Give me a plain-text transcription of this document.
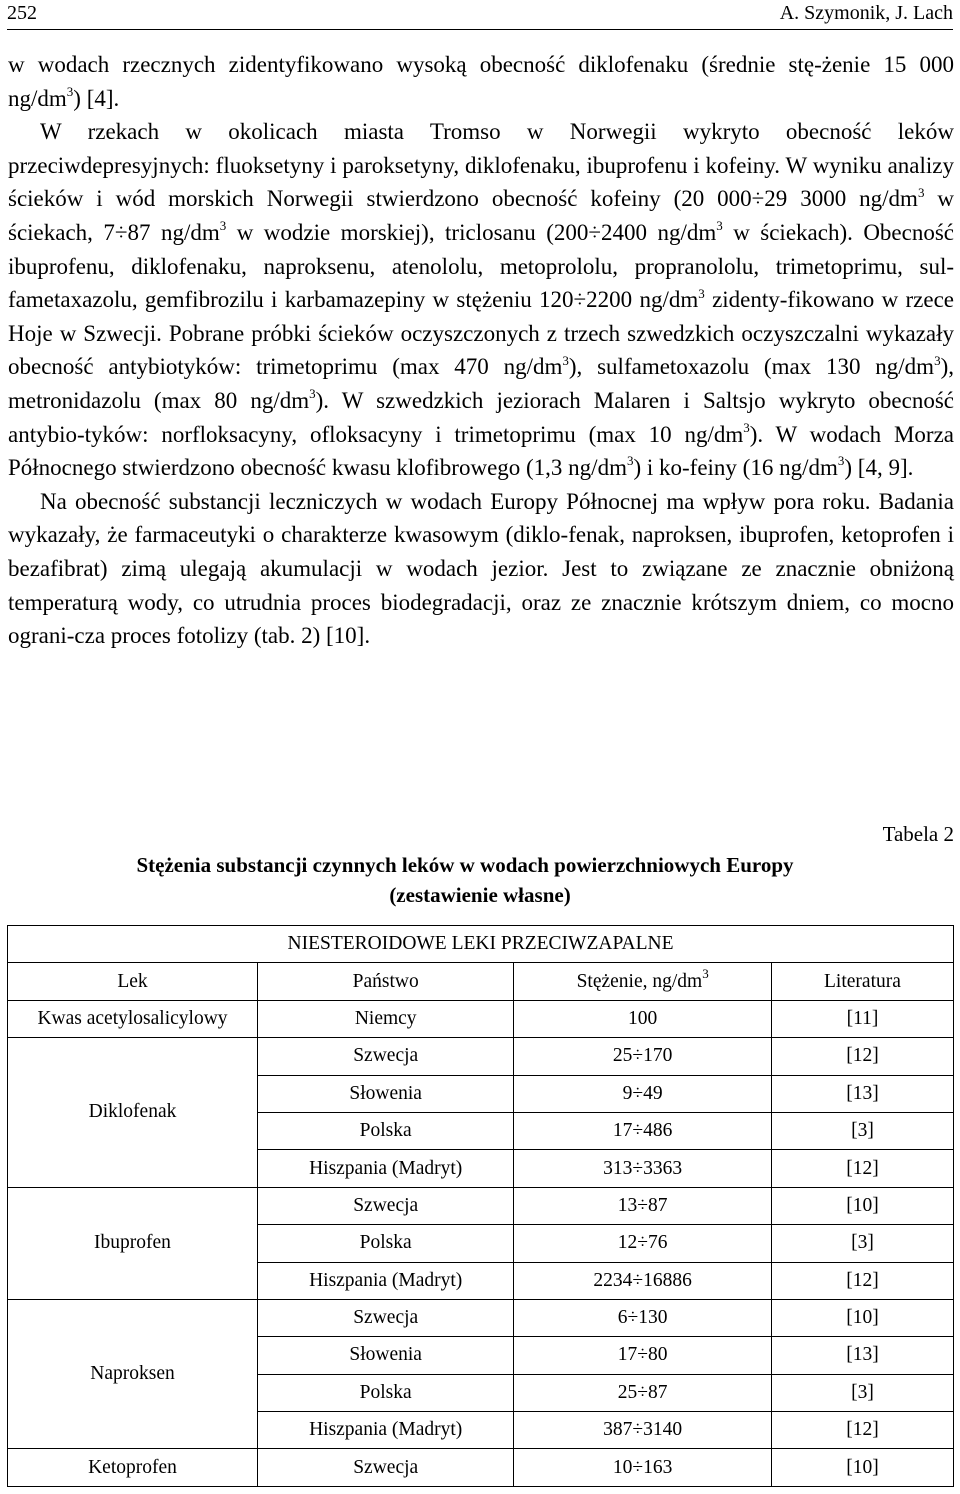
252	A. Szymonik, J. Lach

w wodach rzecznych zidentyfikowano wysoką obecność diklofenaku (średnie stę-żenie 15 000 $ng/dm^3$) [4].

W rzekach w okolicach miasta Tromso w Norwegii wykryto obecność leków przeciwdepresyjnych: fluoksetyny i paroksetyny, diklofenaku, ibuprofenu i kofeiny. W wyniku analizy ścieków i wód morskich Norwegii stwierdzono obecność kofeiny (20 000÷29 3000 $ng/dm^3$ w ściekach, 7÷87 $ng/dm^3$ w wodzie morskiej), triclosanu (200÷2400 $ng/dm^3$ w ściekach). Obecność ibuprofenu, diklofenaku, naproksenu, atenololu, metoprololu, propranololu, trimetoprimu, sul-fametaxazolu, gemfibrozilu i karbamazepiny w stężeniu 120÷2200 $ng/dm^3$ zidenty-fikowano w rzece Hoje w Szwecji. Pobrane próbki ścieków oczyszczonych z trzech szwedzkich oczyszczalni wykazały obecność antybiotyków: trimetoprimu (max 470 $ng/dm^3$), sulfametoxazolu (max 130 $ng/dm^3$), metronidazolu (max 80 $ng/dm^3$). W szwedzkich jeziorach Malaren i Saltsjo wykryto obecność antybio-tyków: norfloksacyny, ofloksacyny i trimetoprimu (max 10 $ng/dm^3$). W wodach Morza Północnego stwierdzono obecność kwasu klofibrowego (1,3 $ng/dm^3$) i ko-feiny (16 $ng/dm^3$) [4, 9].

Na obecność substancji leczniczych w wodach Europy Północnej ma wpływ pora roku. Badania wykazały, że farmaceutyki o charakterze kwasowym (diklo-fenak, naproksen, ibuprofen, ketoprofen i bezafibrat) zimą ulegają akumulacji w wodach jezior. Jest to związane ze znacznie obniżoną temperaturą wody, co utrudnia proces biodegradacji, oraz ze znacznie krótszym dniem, co mocno ograni-cza proces fotolizy (tab. 2) [10].

Tabela 2
Stężenia substancji czynnych leków w wodach powierzchniowych Europy
(zestawienie własne)
NIESTEROIDOWE LEKI PRZECIWZAPALNE			
Lek	Państwo	Stężenie, $ng/dm^3$	Literatura
Kwas acetylosalicylowy	Niemcy	100	[11]
Diklofenak	Szwecja	25÷170	[12]
	Słowenia	9÷49	[13]
	Polska	17÷486	[3]
	Hiszpania (Madryt)	313÷3363	[12]
Ibuprofen	Szwecja	13÷87	[10]
	Polska	12÷76	[3]
	Hiszpania (Madryt)	2234÷16886	[12]
Naproksen	Szwecja	6÷130	[10]
	Słowenia	17÷80	[13]
	Polska	25÷87	[3]
	Hiszpania (Madryt)	387÷3140	[12]
Ketoprofen	Szwecja	10÷163	[10]
